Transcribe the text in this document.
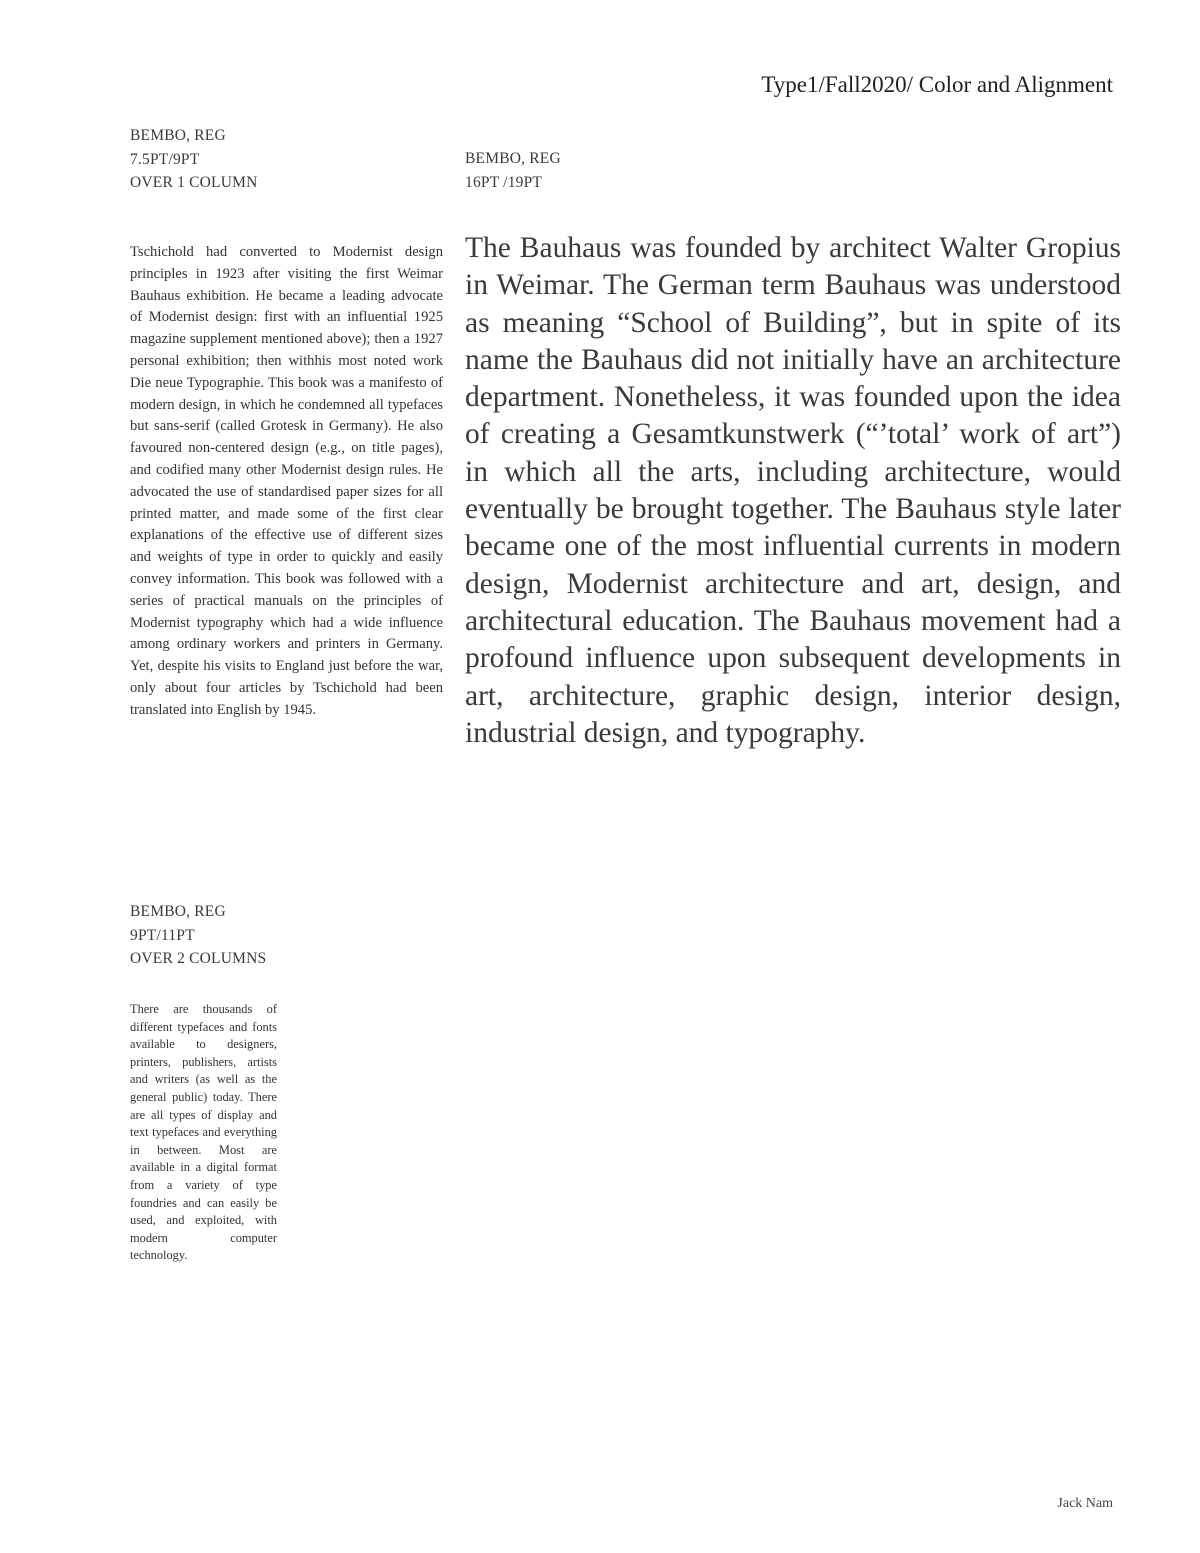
Type1/Fall2020/ Color and Alignment
BEMBO, REG
7.5PT/9PT
OVER 1 COLUMN
BEMBO, REG
16PT /19PT
Tschichold had converted to Modernist design principles in 1923 after visiting the first Weimar Bauhaus exhibition. He became a leading advocate of Modernist design: first with an influential 1925 magazine supplement mentioned above); then a 1927 personal exhibition; then withhis most noted work Die neue Typographie. This book was a manifesto of modern design, in which he condemned all typefaces but sans-serif (called Grotesk in Germany). He also favoured non-centered design (e.g., on title pages), and codified many other Modernist design rules. He advocated the use of standardised paper sizes for all printed matter, and made some of the first clear explanations of the effective use of different sizes and weights of type in order to quickly and easily convey information. This book was followed with a series of practical manuals on the principles of Modernist typography which had a wide influence among ordinary workers and printers in Germany. Yet, despite his visits to England just before the war, only about four articles by Tschichold had been translated into English by 1945.
The Bauhaus was founded by architect Walter Gropius in Weimar. The German term Bauhaus was understood as meaning “School of Building”, but in spite of its name the Bauhaus did not initially have an architecture department. Nonetheless, it was founded upon the idea of creating a Gesamtkunstwerk (“’total’ work of art”) in which all the arts, including architecture, would eventually be brought together. The Bauhaus style later became one of the most influential currents in modern design, Modernist architecture and art, design, and architectural education. The Bauhaus movement had a profound influence upon subsequent developments in art, architecture, graphic design, interior design, industrial design, and typography.
BEMBO, REG
9PT/11PT
OVER 2 COLUMNS
There are thousands of different typefaces and fonts available to designers, printers, publishers, artists and writers (as well as the general public) today. There are all types of display and text typefaces and everything in between. Most are available in a digital format from a variety of type foundries and can easily be used, and exploited, with modern computer technology.
Jack Nam
